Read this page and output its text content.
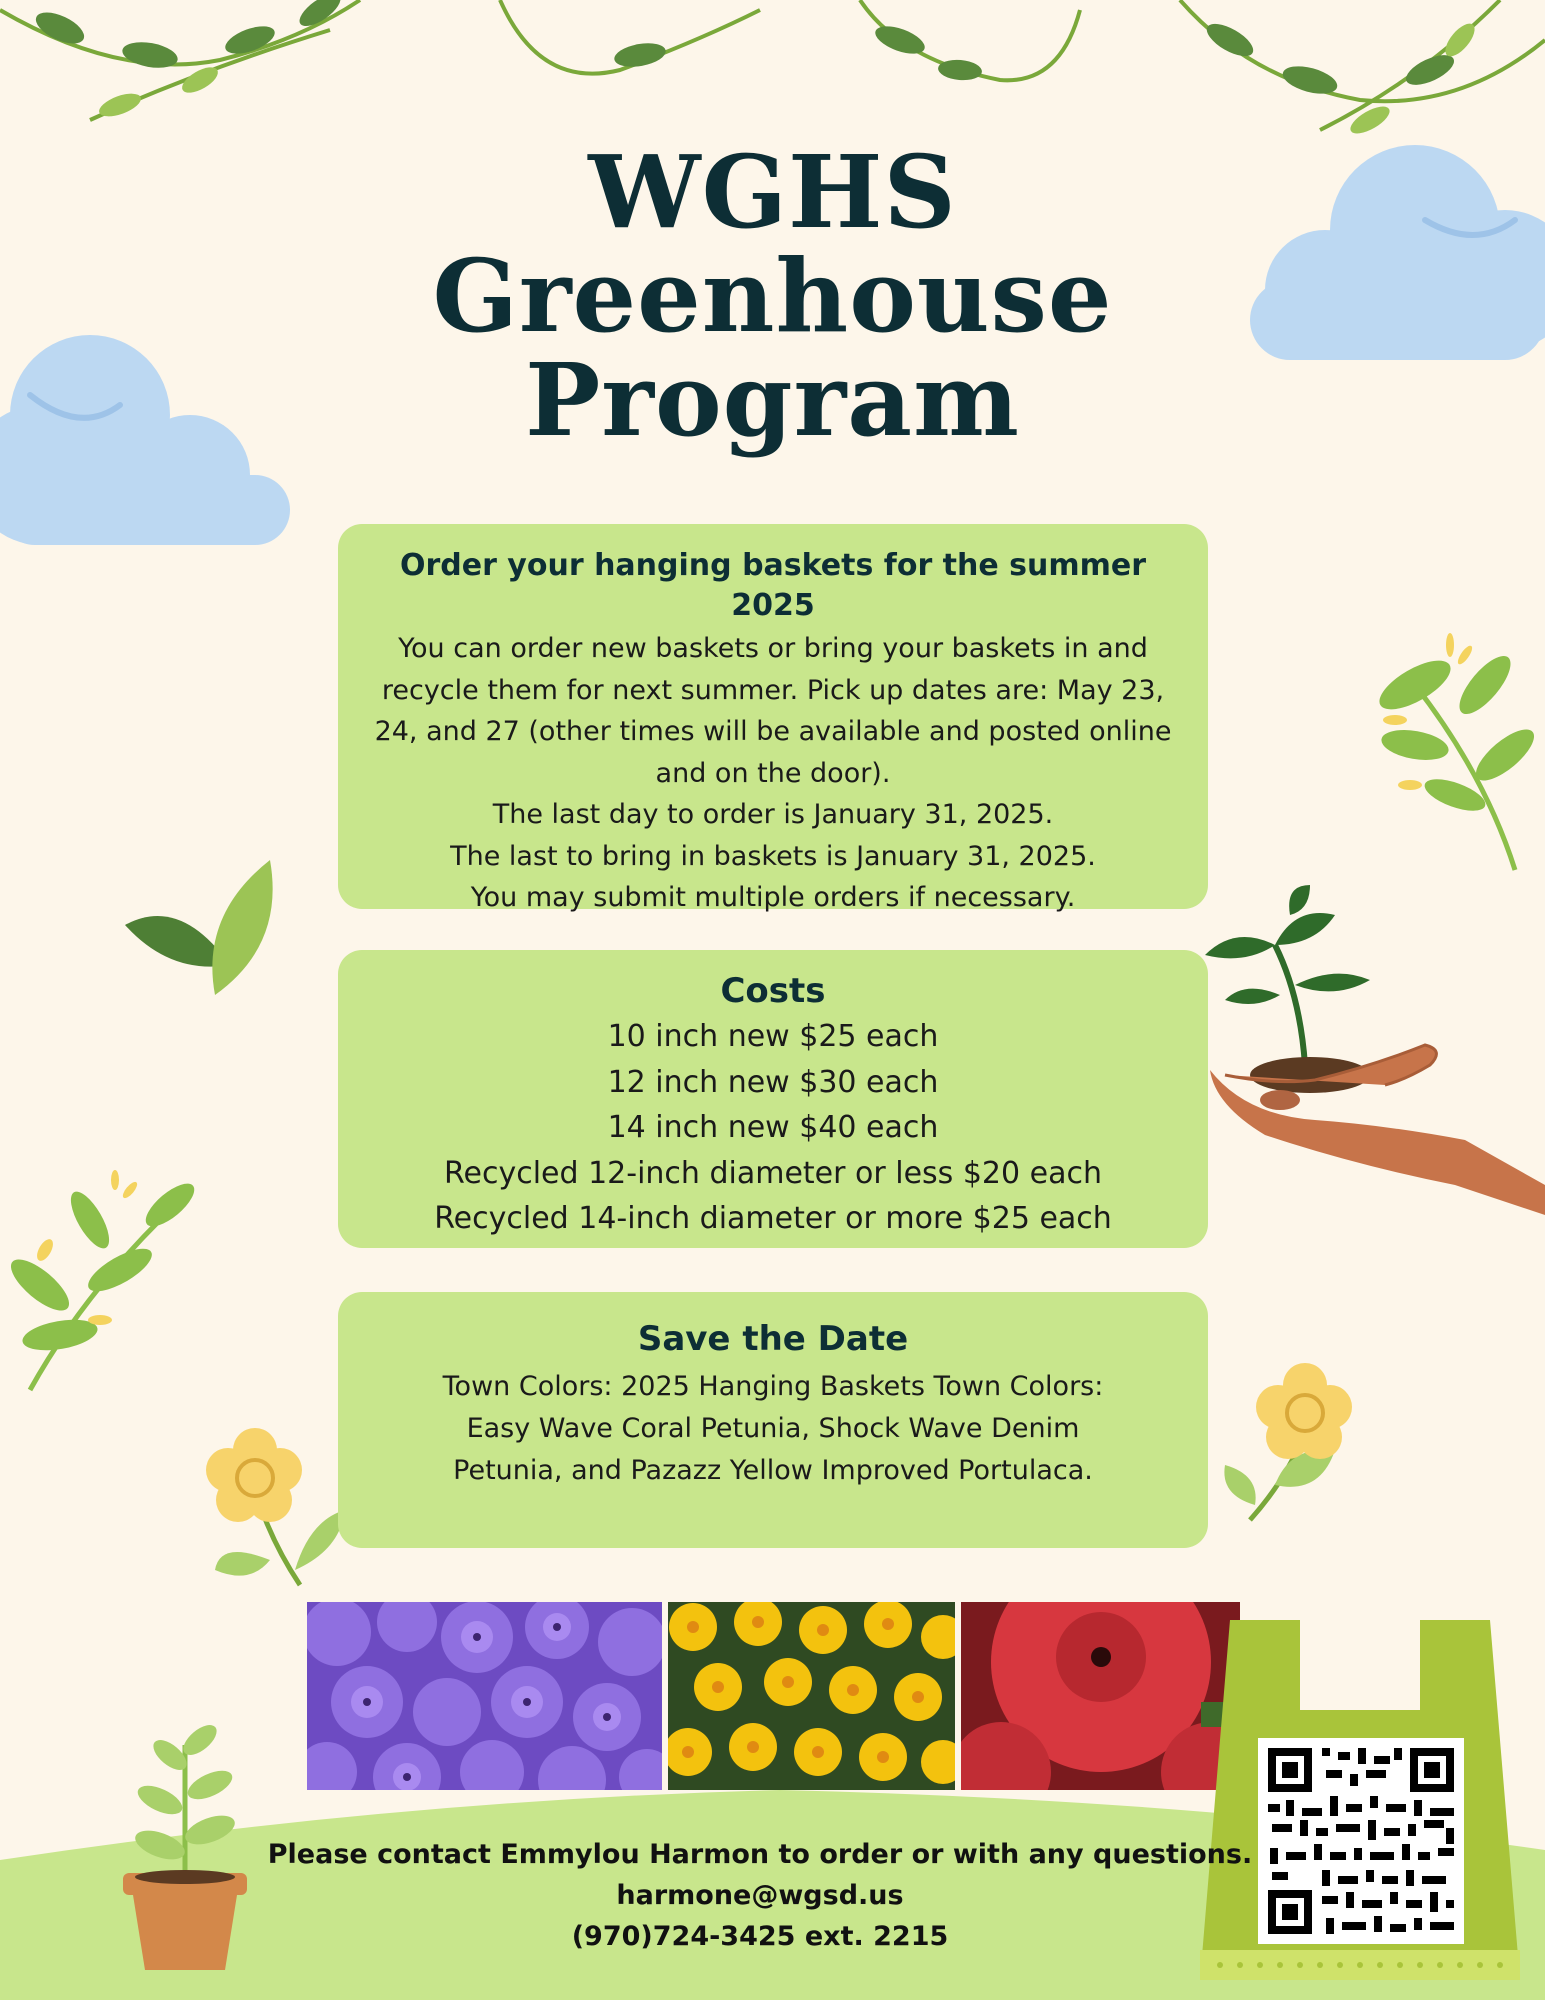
WGHS
Greenhouse
Program
Order your hanging baskets for the summer 2025

You can order new baskets or bring your baskets in and

recycle them for next summer. Pick up dates are: May 23,

24, and 27 (other times will be available and posted online

and on the door).

The last day to order is January 31, 2025.

The last to bring in baskets is January 31, 2025.

You may submit multiple orders if necessary.

Costs

10 inch new $25 each

12 inch new $30 each

14 inch new $40 each

Recycled 12-inch diameter or less $20 each

Recycled 14-inch diameter or more $25 each

Save the Date

Town Colors: 2025 Hanging Baskets Town Colors:

Easy Wave Coral Petunia, Shock Wave Denim

Petunia, and Pazazz Yellow Improved Portulaca.

Please contact Emmylou Harmon to order or with any questions.
harmone@wgsd.us
(970)724-3425 ext. 2215
